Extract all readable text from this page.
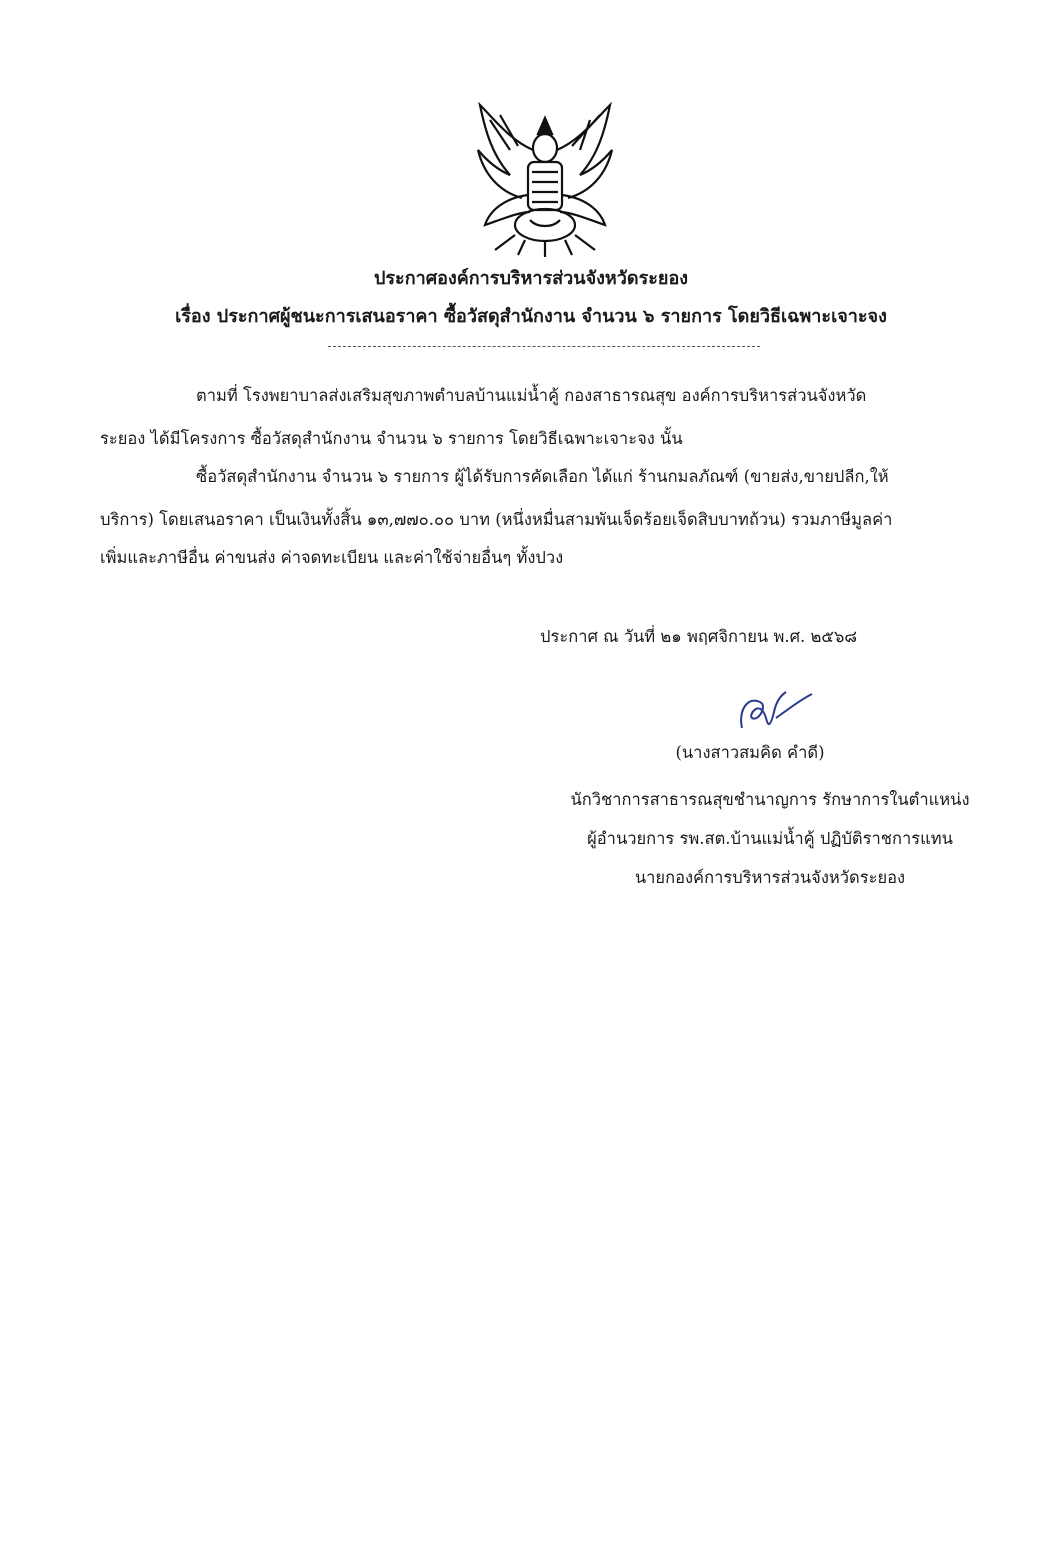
ประกาศองค์การบริหารส่วนจังหวัดระยอง
เรื่อง ประกาศผู้ชนะการเสนอราคา ซื้อวัสดุสำนักงาน จำนวน ๖ รายการ โดยวิธีเฉพาะเจาะจง
ตามที่ โรงพยาบาลส่งเสริมสุขภาพตำบลบ้านแม่น้ำคู้ กองสาธารณสุข องค์การบริหารส่วนจังหวัด
ระยอง ได้มีโครงการ ซื้อวัสดุสำนักงาน จำนวน ๖ รายการ โดยวิธีเฉพาะเจาะจง นั้น
ซื้อวัสดุสำนักงาน จำนวน ๖ รายการ ผู้ได้รับการคัดเลือก ได้แก่ ร้านกมลภัณฑ์ (ขายส่ง,ขายปลีก,ให้
บริการ) โดยเสนอราคา เป็นเงินทั้งสิ้น ๑๓,๗๗๐.๐๐ บาท (หนึ่งหมื่นสามพันเจ็ดร้อยเจ็ดสิบบาทถ้วน) รวมภาษีมูลค่า
เพิ่มและภาษีอื่น ค่าขนส่ง ค่าจดทะเบียน และค่าใช้จ่ายอื่นๆ ทั้งปวง
ประกาศ ณ วันที่ ๒๑ พฤศจิกายน พ.ศ. ๒๕๖๘
(นางสาวสมคิด คำดี)
นักวิชาการสาธารณสุขชำนาญการ รักษาการในตำแหน่ง
ผู้อำนวยการ รพ.สต.บ้านแม่น้ำคู้ ปฏิบัติราชการแทน
นายกองค์การบริหารส่วนจังหวัดระยอง
